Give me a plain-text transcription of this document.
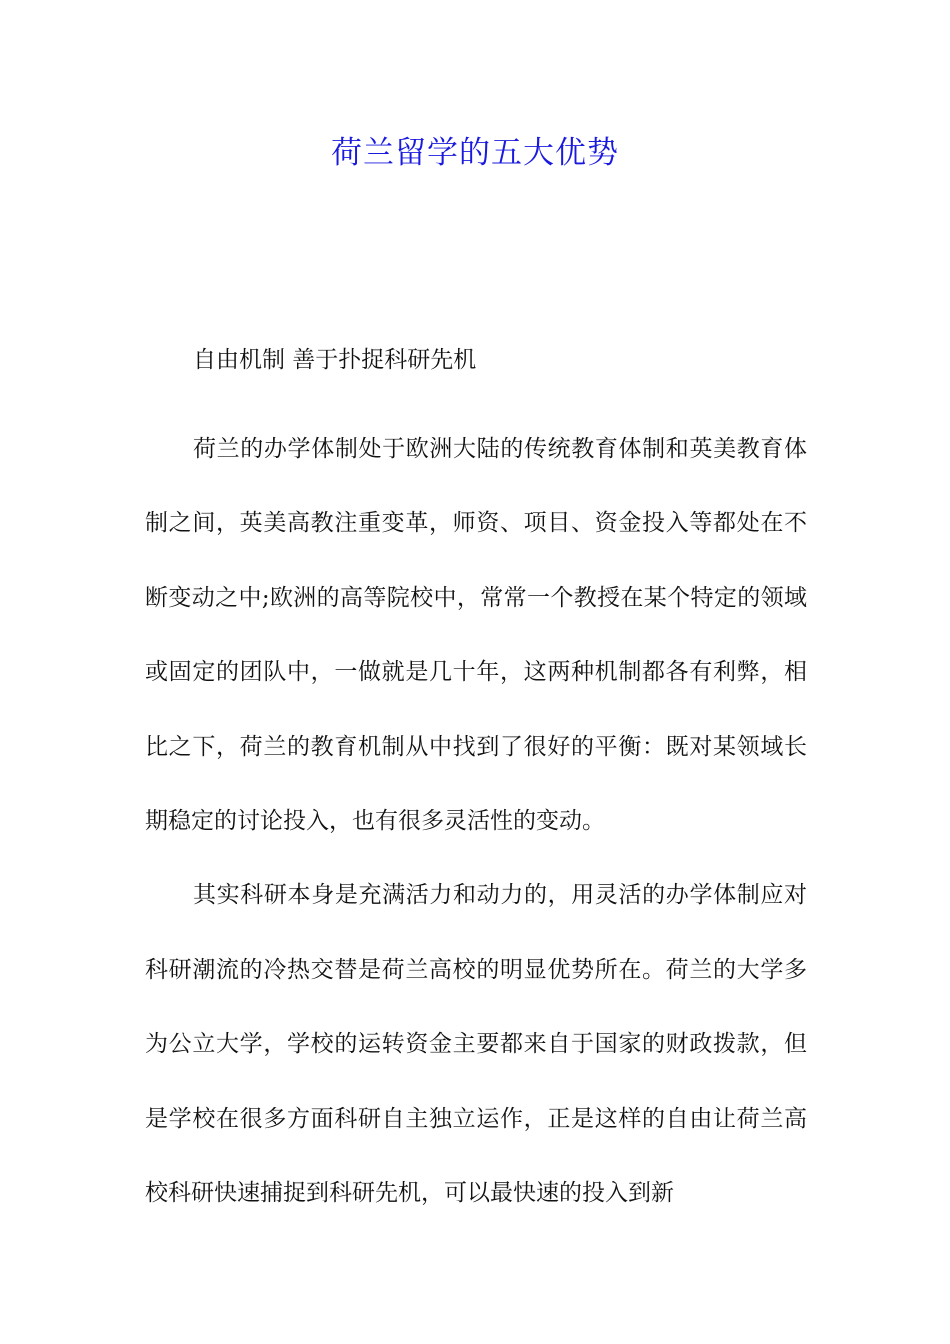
荷兰留学的五大优势

自由机制 善于扑捉科研先机

荷兰的办学体制处于欧洲大陆的传统教育体制和英美教育体制之间，英美高教注重变革，师资、项目、资金投入等都处在不断变动之中;欧洲的高等院校中，常常一个教授在某个特定的领域或固定的团队中，一做就是几十年，这两种机制都各有利弊，相比之下，荷兰的教育机制从中找到了很好的平衡：既对某领域长期稳定的讨论投入，也有很多灵活性的变动。

其实科研本身是充满活力和动力的，用灵活的办学体制应对科研潮流的冷热交替是荷兰高校的明显优势所在。荷兰的大学多为公立大学，学校的运转资金主要都来自于国家的财政拨款，但是学校在很多方面科研自主独立运作，正是这样的自由让荷兰高校科研快速捕捉到科研先机，可以最快速的投入到新
